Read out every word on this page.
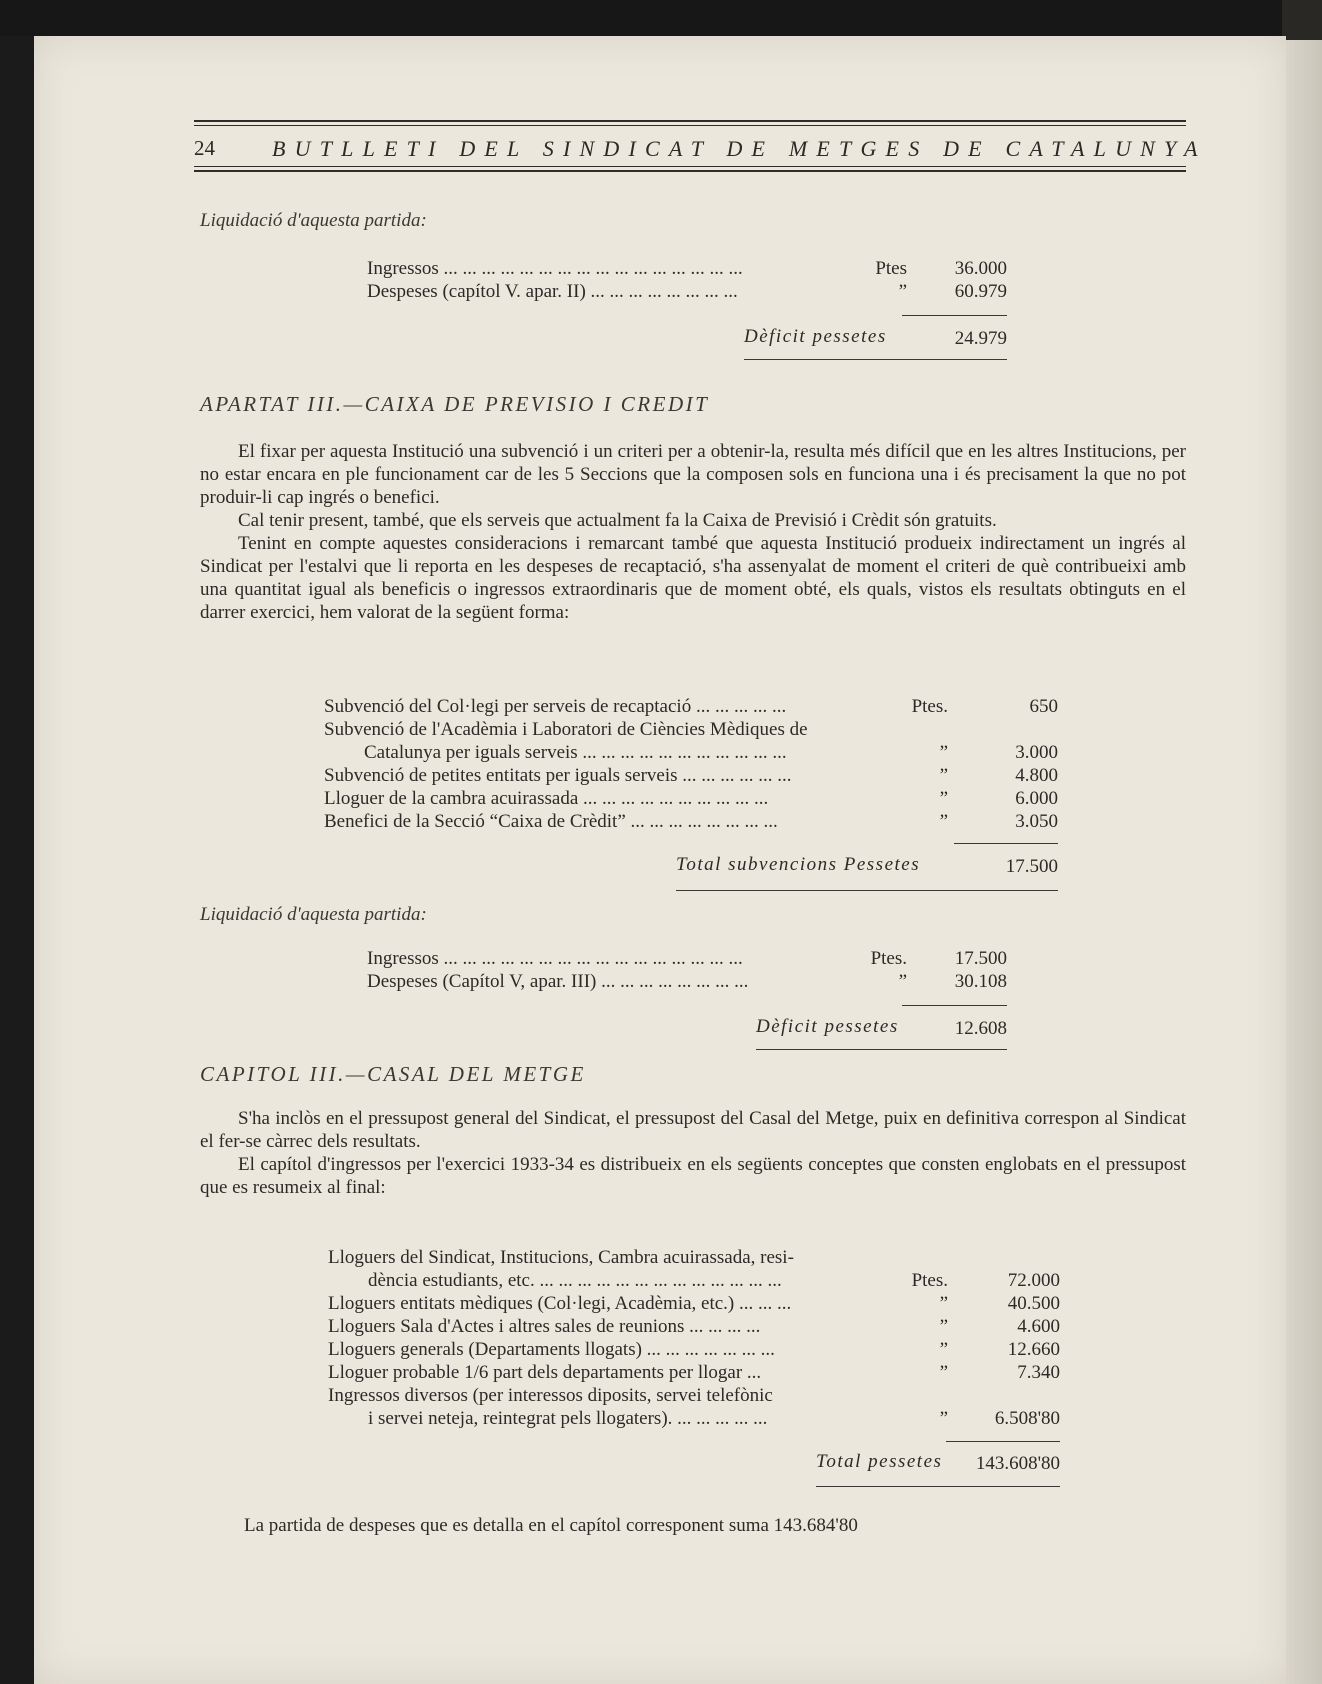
24	BUTLLETI DEL SINDICAT DE METGES DE CATALUNYA
Liquidació d'aquesta partida:
Ingressos ... ... ... ... ... ... ... ... ... ... ... ... ... ... ... ...	Ptes	36.000
Despeses (capítol V. apar. II) ... ... ... ... ... ... ... ...	”	60.979
Dèficit pessetes	24.979
APARTAT III.—CAIXA DE PREVISIO I CREDIT

El fixar per aquesta Institució una subvenció i un criteri per a obtenir-la, resulta més difícil que en les altres Institucions, per no estar encara en ple funcionament car de les 5 Seccions que la composen sols en funciona una i és precisament la que no pot produir-li cap ingrés o benefici.

Cal tenir present, també, que els serveis que actualment fa la Caixa de Previsió i Crèdit són gratuits.

Tenint en compte aquestes consideracions i remarcant també que aquesta Institució produeix indirectament un ingrés al Sindicat per l'estalvi que li reporta en les despeses de recaptació, s'ha assenyalat de moment el criteri de què contribueixi amb una quantitat igual als beneficis o ingressos extraordinaris que de moment obté, els quals, vistos els resultats obtinguts en el darrer exercici, hem valorat de la següent forma:

Subvenció del Col·legi per serveis de recaptació ... ... ... ... ...	Ptes.	650
Subvenció de l'Acadèmia i Laboratori de Ciències Mèdiques de
Catalunya per iguals serveis ... ... ... ... ... ... ... ... ... ... ...	”	3.000
Subvenció de petites entitats per iguals serveis ... ... ... ... ... ...	”	4.800
Lloguer de la cambra acuirassada ... ... ... ... ... ... ... ... ... ...	”	6.000
Benefici de la Secció “Caixa de Crèdit” ... ... ... ... ... ... ... ...	”	3.050
Total subvencions Pessetes	17.500
Liquidació d'aquesta partida:
Ingressos ... ... ... ... ... ... ... ... ... ... ... ... ... ... ... ...	Ptes.	17.500
Despeses (Capítol V, apar. III) ... ... ... ... ... ... ... ...	”	30.108
Dèficit pessetes	12.608
CAPITOL III.—CASAL DEL METGE

S'ha inclòs en el pressupost general del Sindicat, el pressupost del Casal del Metge, puix en definitiva correspon al Sindicat el fer-se càrrec dels resultats.

El capítol d'ingressos per l'exercici 1933-34 es distribueix en els següents conceptes que consten englobats en el pressupost que es resumeix al final:

Lloguers del Sindicat, Institucions, Cambra acuirassada, resi-
dència estudiants, etc. ... ... ... ... ... ... ... ... ... ... ... ... ...	Ptes.	72.000
Lloguers entitats mèdiques (Col·legi, Acadèmia, etc.) ... ... ...	”	40.500
Lloguers Sala d'Actes i altres sales de reunions ... ... ... ...	”	4.600
Lloguers generals (Departaments llogats) ... ... ... ... ... ... ...	”	12.660
Lloguer probable 1/6 part dels departaments per llogar ...	”	7.340
Ingressos diversos (per interessos diposits, servei telefònic
i servei neteja, reintegrat pels llogaters). ... ... ... ... ...	” 6.508'80
Total pessetes	143.608'80
La partida de despeses que es detalla en el capítol corresponent suma 143.684'80
